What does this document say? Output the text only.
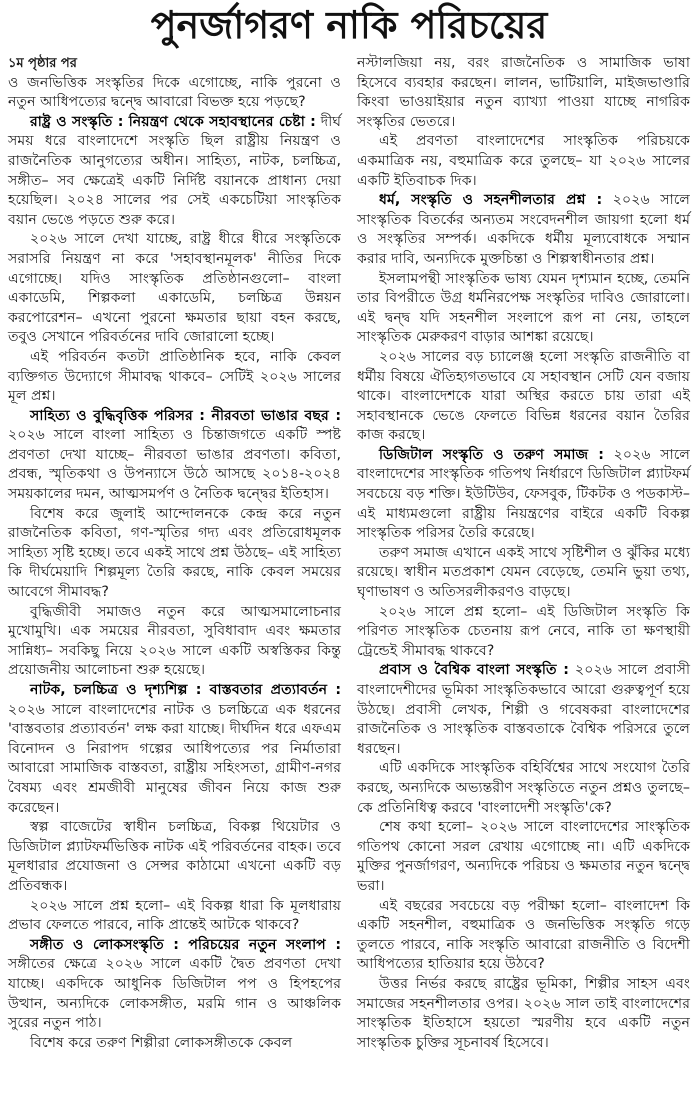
পুনর্জাগরণ নাকি পরিচয়ের

১ম পৃষ্ঠার পর

ও জনভিত্তিক সংস্কৃতির দিকে এগোচ্ছে, নাকি পুরনো ও নতুন আধিপত্যের দ্বন্দ্বে আবারো বিভক্ত হয়ে পড়ছে?

রাষ্ট্র ও সংস্কৃতি : নিয়ন্ত্রণ থেকে সহাবস্থানের চেষ্টা : দীর্ঘ সময় ধরে বাংলাদেশে সংস্কৃতি ছিল রাষ্ট্রীয় নিয়ন্ত্রণ ও রাজনৈতিক আনুগত্যের অধীন। সাহিত্য, নাটক, চলচ্চিত্র, সঙ্গীত– সব ক্ষেত্রেই একটি নির্দিষ্ট বয়ানকে প্রাধান্য দেয়া হয়েছিল। ২০২৪ সালের পর সেই একচেটিয়া সাংস্কৃতিক বয়ান ভেঙে পড়তে শুরু করে।

২০২৬ সালে দেখা যাচ্ছে, রাষ্ট্র ধীরে ধীরে সংস্কৃতিকে সরাসরি নিয়ন্ত্রণ না করে 'সহাবস্থানমূলক' নীতির দিকে এগোচ্ছে। যদিও সাংস্কৃতিক প্রতিষ্ঠানগুলো– বাংলা একাডেমি, শিল্পকলা একাডেমি, চলচ্চিত্র উন্নয়ন করপোরেশন– এখনো পুরনো ক্ষমতার ছায়া বহন করছে, তবুও সেখানে পরিবর্তনের দাবি জোরালো হচ্ছে।

এই পরিবর্তন কতটা প্রাতিষ্ঠানিক হবে, নাকি কেবল ব্যক্তিগত উদ্যোগে সীমাবদ্ধ থাকবে– সেটিই ২০২৬ সালের মূল প্রশ্ন।

সাহিত্য ও বুদ্ধিবৃত্তিক পরিসর : নীরবতা ভাঙার বছর : ২০২৬ সালে বাংলা সাহিত্য ও চিন্তাজগতে একটি স্পষ্ট প্রবণতা দেখা যাচ্ছে– নীরবতা ভাঙার প্রবণতা। কবিতা, প্রবন্ধ, স্মৃতিকথা ও উপন্যাসে উঠে আসছে ২০১৪-২০২৪ সময়কালের দমন, আত্মসমর্পণ ও নৈতিক দ্বন্দ্বের ইতিহাস।

বিশেষ করে জুলাই আন্দোলনকে কেন্দ্র করে নতুন রাজনৈতিক কবিতা, গণ-স্মৃতির গদ্য এবং প্রতিরোধমূলক সাহিত্য সৃষ্টি হচ্ছে। তবে একই সাথে প্রশ্ন উঠছে– এই সাহিত্য কি দীর্ঘমেয়াদি শিল্পমূল্য তৈরি করছে, নাকি কেবল সময়ের আবেগে সীমাবদ্ধ?

বুদ্ধিজীবী সমাজও নতুন করে আত্মসমালোচনার মুখোমুখি। এক সময়ের নীরবতা, সুবিধাবাদ এবং ক্ষমতার সান্নিধ্য– সবকিছু নিয়ে ২০২৬ সালে একটি অস্বস্তিকর কিন্তু প্রয়োজনীয় আলোচনা শুরু হয়েছে।

নাটক, চলচ্চিত্র ও দৃশ্যশিল্প : বাস্তবতার প্রত্যাবর্তন : ২০২৬ সালে বাংলাদেশের নাটক ও চলচ্চিত্রে এক ধরনের 'বাস্তবতার প্রত্যাবর্তন' লক্ষ করা যাচ্ছে। দীর্ঘদিন ধরে এফএম বিনোদন ও নিরাপদ গল্পের আধিপত্যের পর নির্মাতারা আবারো সামাজিক বাস্তবতা, রাষ্ট্রীয় সহিংসতা, গ্রামীণ-নগর বৈষম্য এবং শ্রমজীবী মানুষের জীবন নিয়ে কাজ শুরু করেছেন।

স্বল্প বাজেটের স্বাধীন চলচ্চিত্র, বিকল্প থিয়েটার ও ডিজিটাল প্ল্যাটফর্মভিত্তিক নাটক এই পরিবর্তনের বাহক। তবে মূলধারার প্রযোজনা ও সেন্সর কাঠামো এখনো একটি বড় প্রতিবন্ধক।

২০২৬ সালে প্রশ্ন হলো– এই বিকল্প ধারা কি মূলধারায় প্রভাব ফেলতে পারবে, নাকি প্রান্তেই আটকে থাকবে?

সঙ্গীত ও লোকসংস্কৃতি : পরিচয়ের নতুন সংলাপ : সঙ্গীতের ক্ষেত্রে ২০২৬ সালে একটি দ্বৈত প্রবণতা দেখা যাচ্ছে। একদিকে আধুনিক ডিজিটাল পপ ও হিপহপের উত্থান, অন্যদিকে লোকসঙ্গীত, মরমি গান ও আঞ্চলিক সুরের নতুন পাঠ।

বিশেষ করে তরুণ শিল্পীরা লোকসঙ্গীতকে কেবল

নস্টালজিয়া নয়, বরং রাজনৈতিক ও সামাজিক ভাষা হিসেবে ব্যবহার করছেন। লালন, ভাটিয়ালি, মাইজভাণ্ডারি কিংবা ভাওয়াইয়ার নতুন ব্যাখ্যা পাওয়া যাচ্ছে নাগরিক সংস্কৃতির ভেতরে।

এই প্রবণতা বাংলাদেশের সাংস্কৃতিক পরিচয়কে একমাত্রিক নয়, বহুমাত্রিক করে তুলছে– যা ২০২৬ সালের একটি ইতিবাচক দিক।

ধর্ম, সংস্কৃতি ও সহনশীলতার প্রশ্ন : ২০২৬ সালে সাংস্কৃতিক বিতর্কের অন্যতম সংবেদনশীল জায়গা হলো ধর্ম ও সংস্কৃতির সম্পর্ক। একদিকে ধর্মীয় মূল্যবোধকে সম্মান করার দাবি, অন্যদিকে মুক্তচিন্তা ও শিল্পস্বাধীনতার প্রশ্ন।

ইসলামপন্থী সাংস্কৃতিক ভাষ্য যেমন দৃশ্যমান হচ্ছে, তেমনি তার বিপরীতে উগ্র ধর্মনিরপেক্ষ সংস্কৃতির দাবিও জোরালো। এই দ্বন্দ্ব যদি সহনশীল সংলাপে রূপ না নেয়, তাহলে সাংস্কৃতিক মেরুকরণ বাড়ার আশঙ্কা রয়েছে।

২০২৬ সালের বড় চ্যালেঞ্জ হলো সংস্কৃতি রাজনীতি বা ধর্মীয় বিষয়ে ঐতিহ্যগতভাবে যে সহাবস্থান সেটি যেন বজায় থাকে। বাংলাদেশকে যারা অস্থির করতে চায় তারা এই সহাবস্থানকে ভেঙে ফেলতে বিভিন্ন ধরনের বয়ান তৈরির কাজ করছে।

ডিজিটাল সংস্কৃতি ও তরুণ সমাজ : ২০২৬ সালে বাংলাদেশের সাংস্কৃতিক গতিপথ নির্ধারণে ডিজিটাল প্ল্যাটফর্ম সবচেয়ে বড় শক্তি। ইউটিউব, ফেসবুক, টিকটক ও পডকাস্ট– এই মাধ্যমগুলো রাষ্ট্রীয় নিয়ন্ত্রণের বাইরে একটি বিকল্প সাংস্কৃতিক পরিসর তৈরি করেছে।

তরুণ সমাজ এখানে একই সাথে সৃষ্টিশীল ও ঝুঁকির মধ্যে রয়েছে। স্বাধীন মতপ্রকাশ যেমন বেড়েছে, তেমনি ভুয়া তথ্য, ঘৃণাভাষণ ও অতিসরলীকরণও বাড়ছে।

২০২৬ সালে প্রশ্ন হলো– এই ডিজিটাল সংস্কৃতি কি পরিণত সাংস্কৃতিক চেতনায় রূপ নেবে, নাকি তা ক্ষণস্থায়ী ট্রেন্ডেই সীমাবদ্ধ থাকবে?

প্রবাস ও বৈশ্বিক বাংলা সংস্কৃতি : ২০২৬ সালে প্রবাসী বাংলাদেশীদের ভূমিকা সাংস্কৃতিকভাবে আরো গুরুত্বপূর্ণ হয়ে উঠছে। প্রবাসী লেখক, শিল্পী ও গবেষকরা বাংলাদেশের রাজনৈতিক ও সাংস্কৃতিক বাস্তবতাকে বৈশ্বিক পরিসরে তুলে ধরছেন।

এটি একদিকে সাংস্কৃতিক বহির্বিশ্বের সাথে সংযোগ তৈরি করছে, অন্যদিকে অভ্যন্তরীণ সংস্কৃতিতে নতুন প্রশ্নও তুলছে– কে প্রতিনিধিত্ব করবে 'বাংলাদেশী সংস্কৃতি'কে?

শেষ কথা হলো– ২০২৬ সালে বাংলাদেশের সাংস্কৃতিক গতিপথ কোনো সরল রেখায় এগোচ্ছে না। এটি একদিকে মুক্তির পুনর্জাগরণ, অন্যদিকে পরিচয় ও ক্ষমতার নতুন দ্বন্দ্বে ভরা।

এই বছরের সবচেয়ে বড় পরীক্ষা হলো– বাংলাদেশ কি একটি সহনশীল, বহুমাত্রিক ও জনভিত্তিক সংস্কৃতি গড়ে তুলতে পারবে, নাকি সংস্কৃতি আবারো রাজনীতি ও বিদেশী আধিপত্যের হাতিয়ার হয়ে উঠবে?

উত্তর নির্ভর করছে রাষ্ট্রের ভূমিকা, শিল্পীর সাহস এবং সমাজের সহনশীলতার ওপর। ২০২৬ সাল তাই বাংলাদেশের সাংস্কৃতিক ইতিহাসে হয়তো স্মরণীয় হবে একটি নতুন সাংস্কৃতিক চুক্তির সূচনাবর্ষ হিসেবে।
